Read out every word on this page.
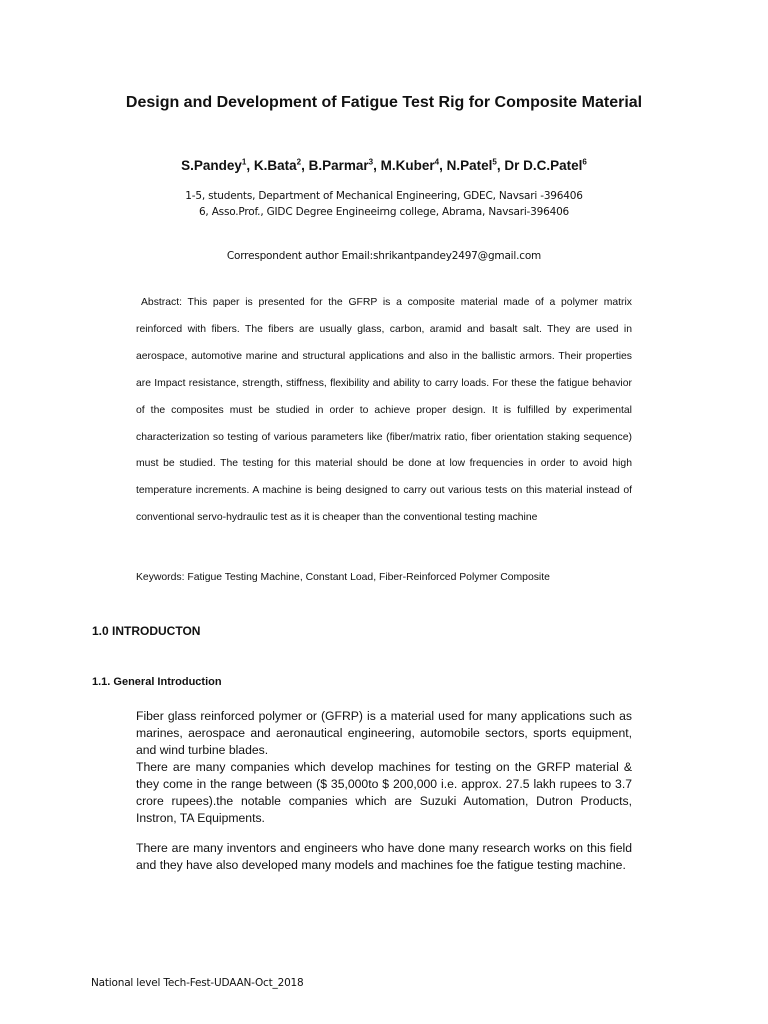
Design and Development of Fatigue Test Rig for Composite Material
S.Pandey$^1$, K.Bata$^2$, B.Parmar$^3$, M.Kuber$^4$, N.Patel$^5$, Dr D.C.Patel$^6$
1-5, students, Department of Mechanical Engineering, GDEC, Navsari -396406
6, Asso.Prof., GIDC Degree Engineeirng college, Abrama, Navsari-396406
Correspondent author Email:shrikantpandey2497@gmail.com

Abstract: This paper is presented for the GFRP is a composite material made of a polymer matrix reinforced with fibers. The fibers are usually glass, carbon, aramid and basalt salt. They are used in aerospace, automotive marine and structural applications and also in the ballistic armors. Their properties are Impact resistance, strength, stiffness, flexibility and ability to carry loads. For these the fatigue behavior of the composites must be studied in order to achieve proper design. It is fulfilled by experimental characterization so testing of various parameters like (fiber/matrix ratio, fiber orientation staking sequence) must be studied. The testing for this material should be done at low frequencies in order to avoid high temperature increments. A machine is being designed to carry out various tests on this material instead of conventional servo-hydraulic test as it is cheaper than the conventional testing machine

Keywords: Fatigue Testing Machine, Constant Load, Fiber-Reinforced Polymer Composite

1.0 INTRODUCTON
1.1. General Introduction

Fiber glass reinforced polymer or (GFRP) is a material used for many applications such as marines, aerospace and aeronautical engineering, automobile sectors, sports equipment, and wind turbine blades.

There are many companies which develop machines for testing on the GRFP material & they come in the range between ($ 35,000to $ 200,000 i.e. approx. 27.5 lakh rupees to 3.7 crore rupees).the notable companies which are Suzuki Automation, Dutron Products, Instron, TA Equipments.

There are many inventors and engineers who have done many research works on this field and they have also developed many models and machines foe the fatigue testing machine.

National level Tech-Fest-UDAAN-Oct_2018
